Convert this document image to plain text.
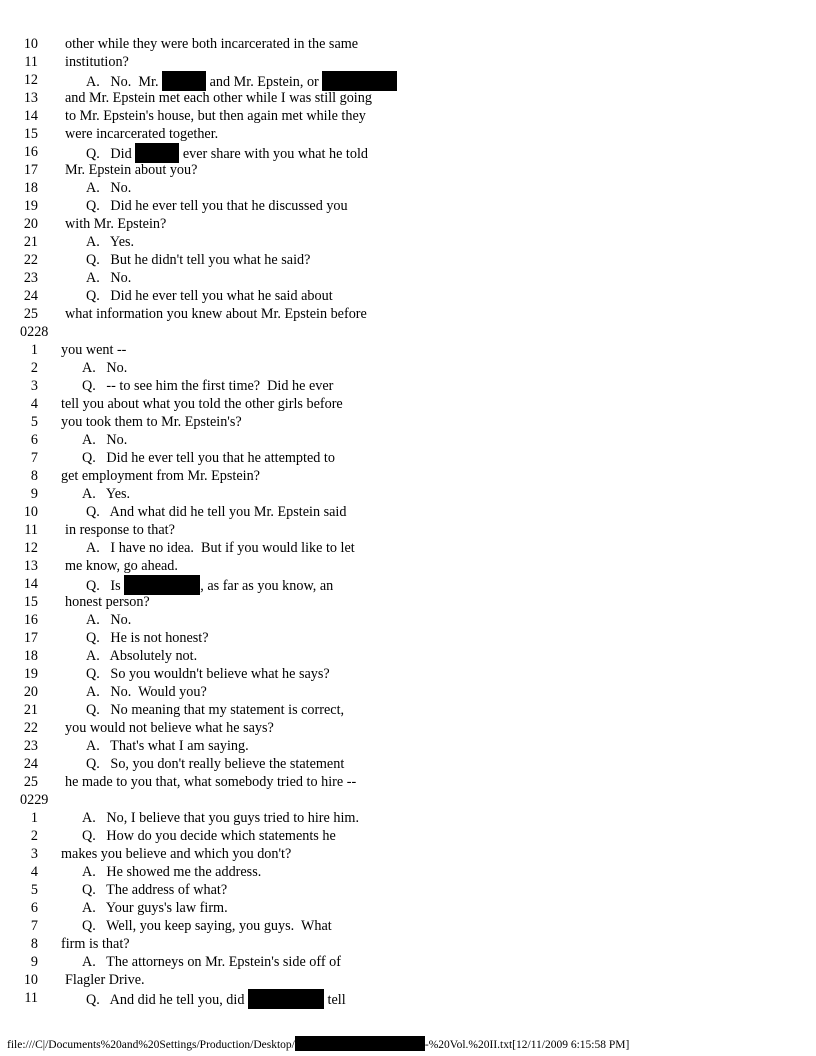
10 other while they were both incarcerated in the same
11 institution?
12	A.   No.  Mr.	and Mr. Epstein, or
13 and Mr. Epstein met each other while I was still going
14 to Mr. Epstein's house, but then again met while they
15 were incarcerated together.
16	Q.   Did	ever share with you what he told
17 Mr. Epstein about you?
18	A.   No.
19	Q.   Did he ever tell you that he discussed you
20 with Mr. Epstein?
21	A.   Yes.
22	Q.   But he didn't tell you what he said?
23	A.   No.
24	Q.   Did he ever tell you what he said about
25 what information you knew about Mr. Epstein before
0228
1 you went --
2	A.   No.
3	Q.   -- to see him the first time?  Did he ever
4 tell you about what you told the other girls before
5 you took them to Mr. Epstein's?
6	A.   No.
7	Q.   Did he ever tell you that he attempted to
8 get employment from Mr. Epstein?
9	A.   Yes.
10	Q.   And what did he tell you Mr. Epstein said
11 in response to that?
12	A.   I have no idea.  But if you would like to let
13 me know, go ahead.
14	Q.   Is	, as far as you know, an
15 honest person?
16	A.   No.
17	Q.   He is not honest?
18	A.   Absolutely not.
19	Q.   So you wouldn't believe what he says?
20	A.   No.  Would you?
21	Q.   No meaning that my statement is correct,
22 you would not believe what he says?
23	A.   That's what I am saying.
24	Q.   So, you don't really believe the statement
25 he made to you that, what somebody tried to hire --
0229
1	A.   No, I believe that you guys tried to hire him.
2	Q.   How do you decide which statements he
3 makes you believe and which you don't?
4	A.   He showed me the address.
5	Q.   The address of what?
6	A.   Your guys's law firm.
7	Q.   Well, you keep saying, you guys.  What
8 firm is that?
9	A.   The attorneys on Mr. Epstein's side off of
10 Flagler Drive.
11	Q.   And did he tell you, did	tell
file:///C|/Documents%20and%20Settings/Production/Desktop/	-%20Vol.%20II.txt[12/11/2009 6:15:58 PM]
